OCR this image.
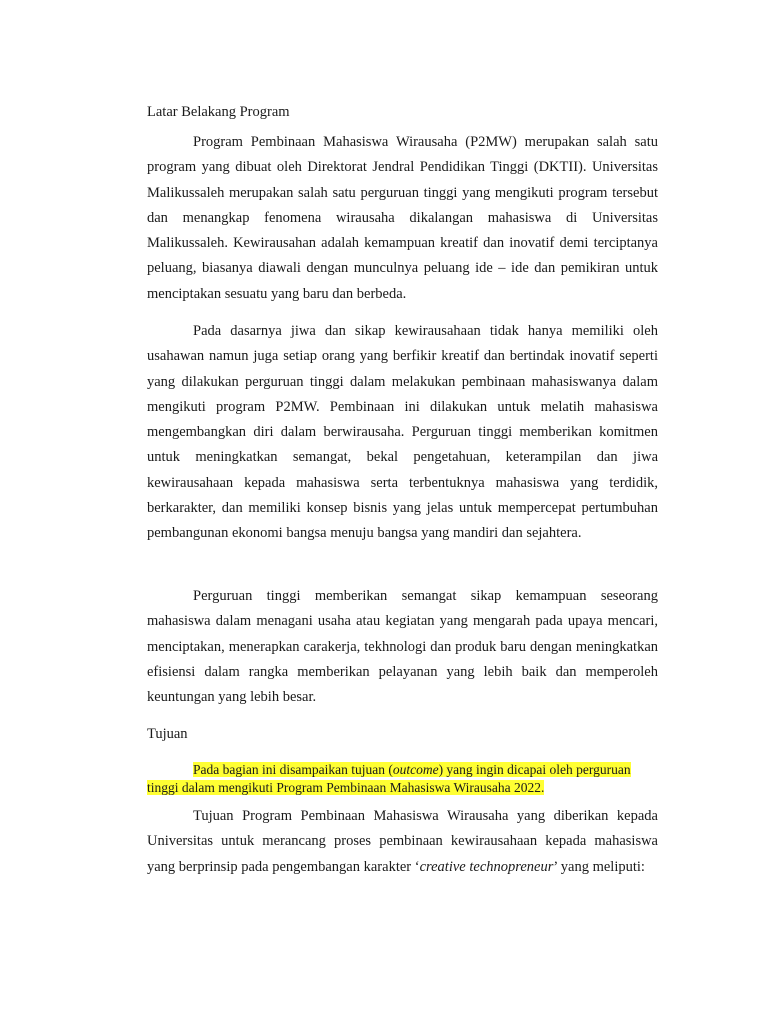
Latar Belakang Program

Program Pembinaan Mahasiswa Wirausaha (P2MW) merupakan salah satu program yang dibuat oleh Direktorat Jendral Pendidikan Tinggi (DKTII). Universitas Malikussaleh merupakan salah satu perguruan tinggi yang mengikuti program tersebut dan menangkap fenomena wirausaha dikalangan mahasiswa di Universitas Malikussaleh. Kewirausahan adalah kemampuan kreatif dan inovatif demi terciptanya peluang, biasanya diawali dengan munculnya peluang ide – ide dan pemikiran untuk menciptakan sesuatu yang baru dan berbeda.

Pada dasarnya jiwa dan sikap kewirausahaan tidak hanya memiliki oleh usahawan namun juga setiap orang yang berfikir kreatif dan bertindak inovatif seperti yang dilakukan perguruan tinggi dalam melakukan pembinaan mahasiswanya dalam mengikuti program P2MW. Pembinaan ini dilakukan untuk melatih mahasiswa mengembangkan diri dalam berwirausaha. Perguruan tinggi memberikan komitmen untuk meningkatkan semangat, bekal pengetahuan, keterampilan dan jiwa kewirausahaan kepada mahasiswa serta terbentuknya mahasiswa yang terdidik, berkarakter, dan memiliki konsep bisnis yang jelas untuk mempercepat pertumbuhan pembangunan ekonomi bangsa menuju bangsa yang mandiri dan sejahtera.

Perguruan tinggi memberikan semangat sikap kemampuan seseorang mahasiswa dalam menagani usaha atau kegiatan yang mengarah pada upaya mencari, menciptakan, menerapkan carakerja, tekhnologi dan produk baru dengan meningkatkan efisiensi dalam rangka memberikan pelayanan yang lebih baik dan memperoleh keuntungan yang lebih besar.

Tujuan

Pada bagian ini disampaikan tujuan (outcome) yang ingin dicapai oleh perguruan
tinggi dalam mengikuti Program Pembinaan Mahasiswa Wirausaha 2022.

Tujuan Program Pembinaan Mahasiswa Wirausaha yang diberikan kepada Universitas untuk merancang proses pembinaan kewirausahaan kepada mahasiswa yang berprinsip pada pengembangan karakter ‘creative technopreneur’ yang meliputi:
